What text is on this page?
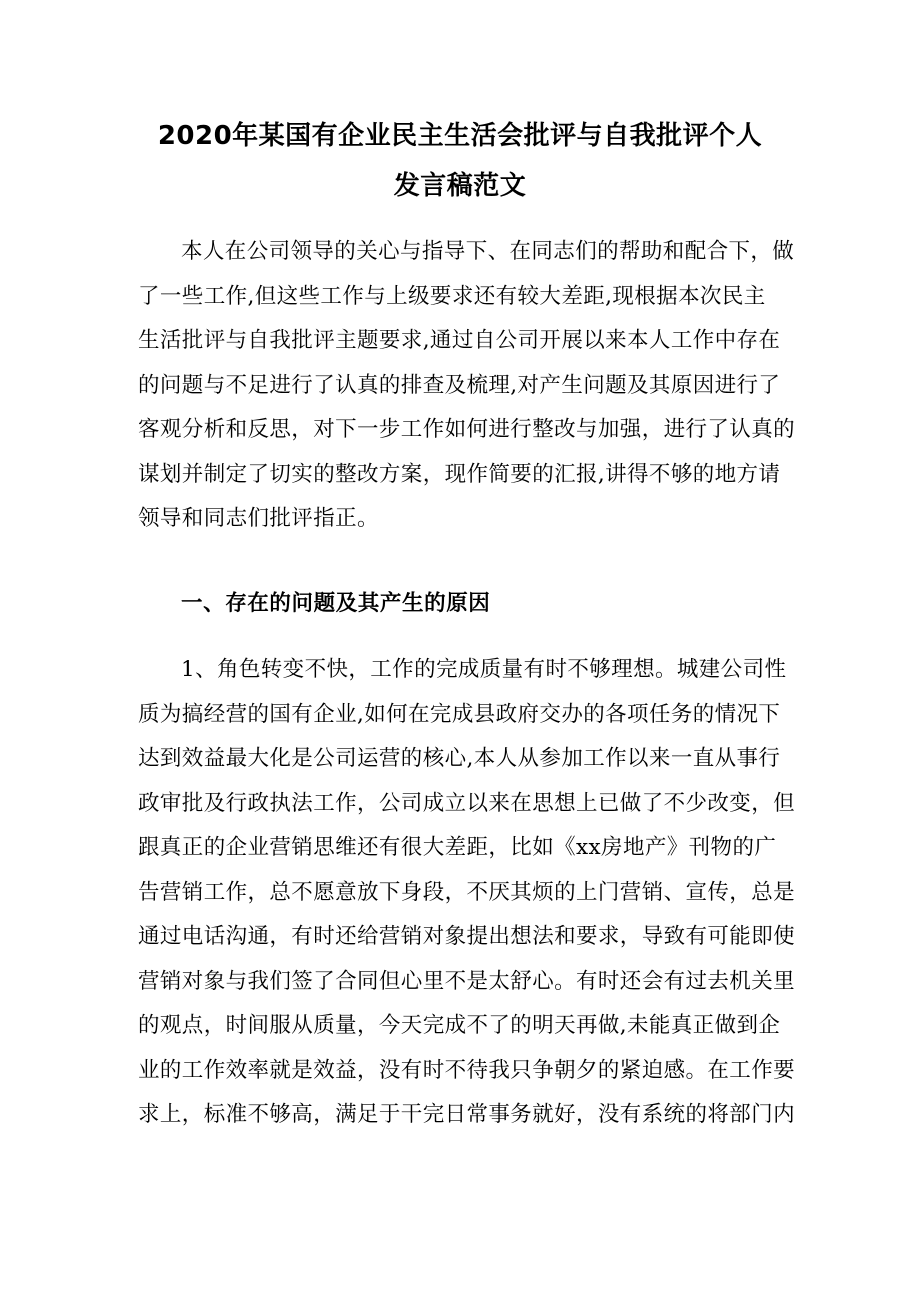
2020年某国有企业民主生活会批评与自我批评个人
发言稿范文
本人在公司领导的关心与指导下、在同志们的帮助和配合下，做
了一些工作,但这些工作与上级要求还有较大差距,现根据本次民主
生活批评与自我批评主题要求,通过自公司开展以来本人工作中存在
的问题与不足进行了认真的排查及梳理,对产生问题及其原因进行了
客观分析和反思，对下一步工作如何进行整改与加强，进行了认真的
谋划并制定了切实的整改方案，现作简要的汇报,讲得不够的地方请
领导和同志们批评指正。
一、存在的问题及其产生的原因
1、角色转变不快，工作的完成质量有时不够理想。城建公司性
质为搞经营的国有企业,如何在完成县政府交办的各项任务的情况下
达到效益最大化是公司运营的核心,本人从参加工作以来一直从事行
政审批及行政执法工作，公司成立以来在思想上已做了不少改变，但
跟真正的企业营销思维还有很大差距，比如《xx房地产》刊物的广
告营销工作，总不愿意放下身段，不厌其烦的上门营销、宣传，总是
通过电话沟通，有时还给营销对象提出想法和要求，导致有可能即使
营销对象与我们签了合同但心里不是太舒心。有时还会有过去机关里
的观点，时间服从质量，今天完成不了的明天再做,未能真正做到企
业的工作效率就是效益，没有时不待我只争朝夕的紧迫感。在工作要
求上，标准不够高，满足于干完日常事务就好，没有系统的将部门内
